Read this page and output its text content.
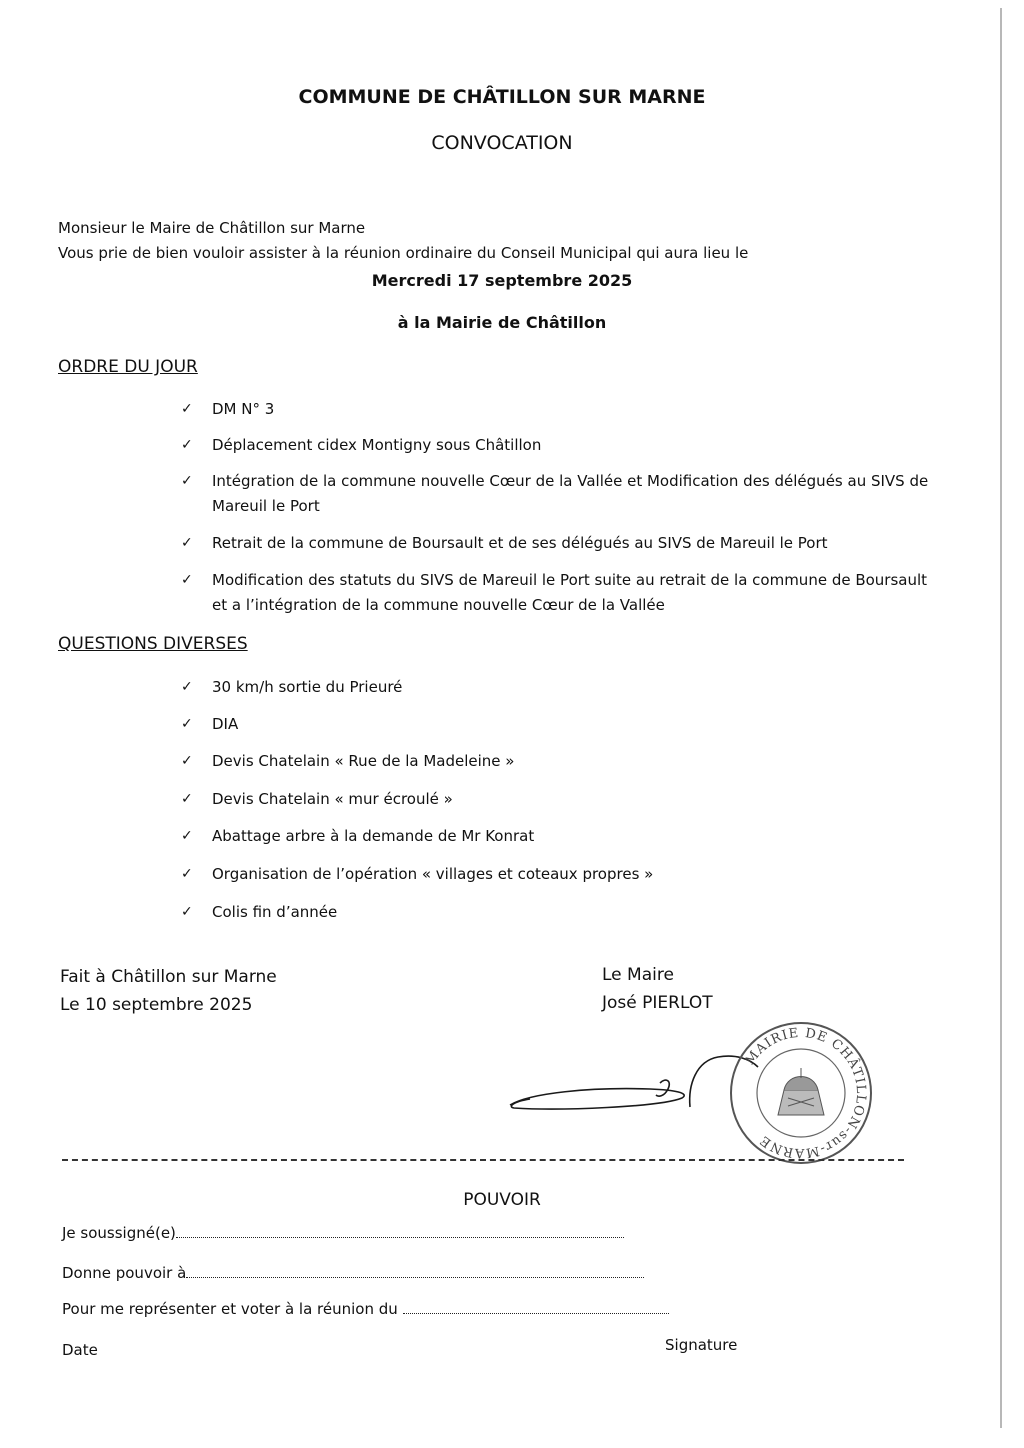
COMMUNE DE CHÂTILLON SUR MARNE
CONVOCATION
Monsieur le Maire de Châtillon sur Marne
Vous prie de bien vouloir assister à la réunion ordinaire du Conseil Municipal qui aura lieu le
Mercredi 17 septembre 2025
à la Mairie de Châtillon
ORDRE DU JOUR
✓ DM N° 3
✓ Déplacement cidex Montigny sous Châtillon
✓ Intégration de la commune nouvelle Cœur de la Vallée et Modification des délégués au SIVS de Mareuil le Port
✓ Retrait de la commune de Boursault et de ses délégués au SIVS de Mareuil le Port
✓ Modification des statuts du SIVS de Mareuil le Port suite au retrait de la commune de Boursault et a l’intégration de la commune nouvelle Cœur de la Vallée
QUESTIONS DIVERSES
✓ 30 km/h sortie du Prieuré
✓ DIA
✓ Devis Chatelain « Rue de la Madeleine »
✓ Devis Chatelain « mur écroulé »
✓ Abattage arbre à la demande de Mr Konrat
✓ Organisation de l’opération « villages et coteaux propres »
✓ Colis fin d’année
Fait à Châtillon sur Marne
Le 10 septembre 2025
Le Maire
José PIERLOT
MAIRIE DE CHÂTILLON-sur-MARNE
POUVOIR
Je soussigné(e)
Donne pouvoir à
Pour me représenter et voter à la réunion du
Date	Signature
